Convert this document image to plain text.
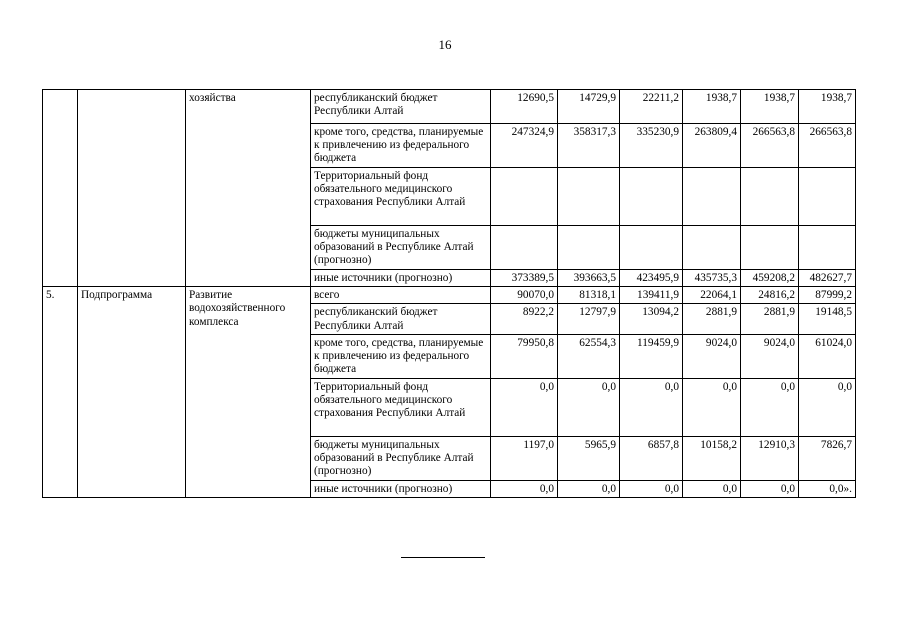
16
		хозяйства	республиканский бюджет Республики Алтай	12690,5	14729,9	22211,2	1938,7	1938,7	1938,7
			кроме того, средства, планируемые к привлечению из федерального бюджета	247324,9	358317,3	335230,9	263809,4	266563,8	266563,8
			Территориальный фонд обязательного медицинского страхования Республики Алтай						
			бюджеты муниципальных образований в Республике Алтай (прогнозно)						
			иные источники (прогнозно)	373389,5	393663,5	423495,9	435735,3	459208,2	482627,7
5.	Подпрограмма	Развитие водохозяйственного комплекса	всего	90070,0	81318,1	139411,9	22064,1	24816,2	87999,2
			республиканский бюджет Республики Алтай	8922,2	12797,9	13094,2	2881,9	2881,9	19148,5
			кроме того, средства, планируемые к привлечению из федерального бюджета	79950,8	62554,3	119459,9	9024,0	9024,0	61024,0
			Территориальный фонд обязательного медицинского страхования Республики Алтай	0,0	0,0	0,0	0,0	0,0	0,0
			бюджеты муниципальных образований в Республике Алтай (прогнозно)	1197,0	5965,9	6857,8	10158,2	12910,3	7826,7
			иные источники (прогнозно)	0,0	0,0	0,0	0,0	0,0	0,0».
